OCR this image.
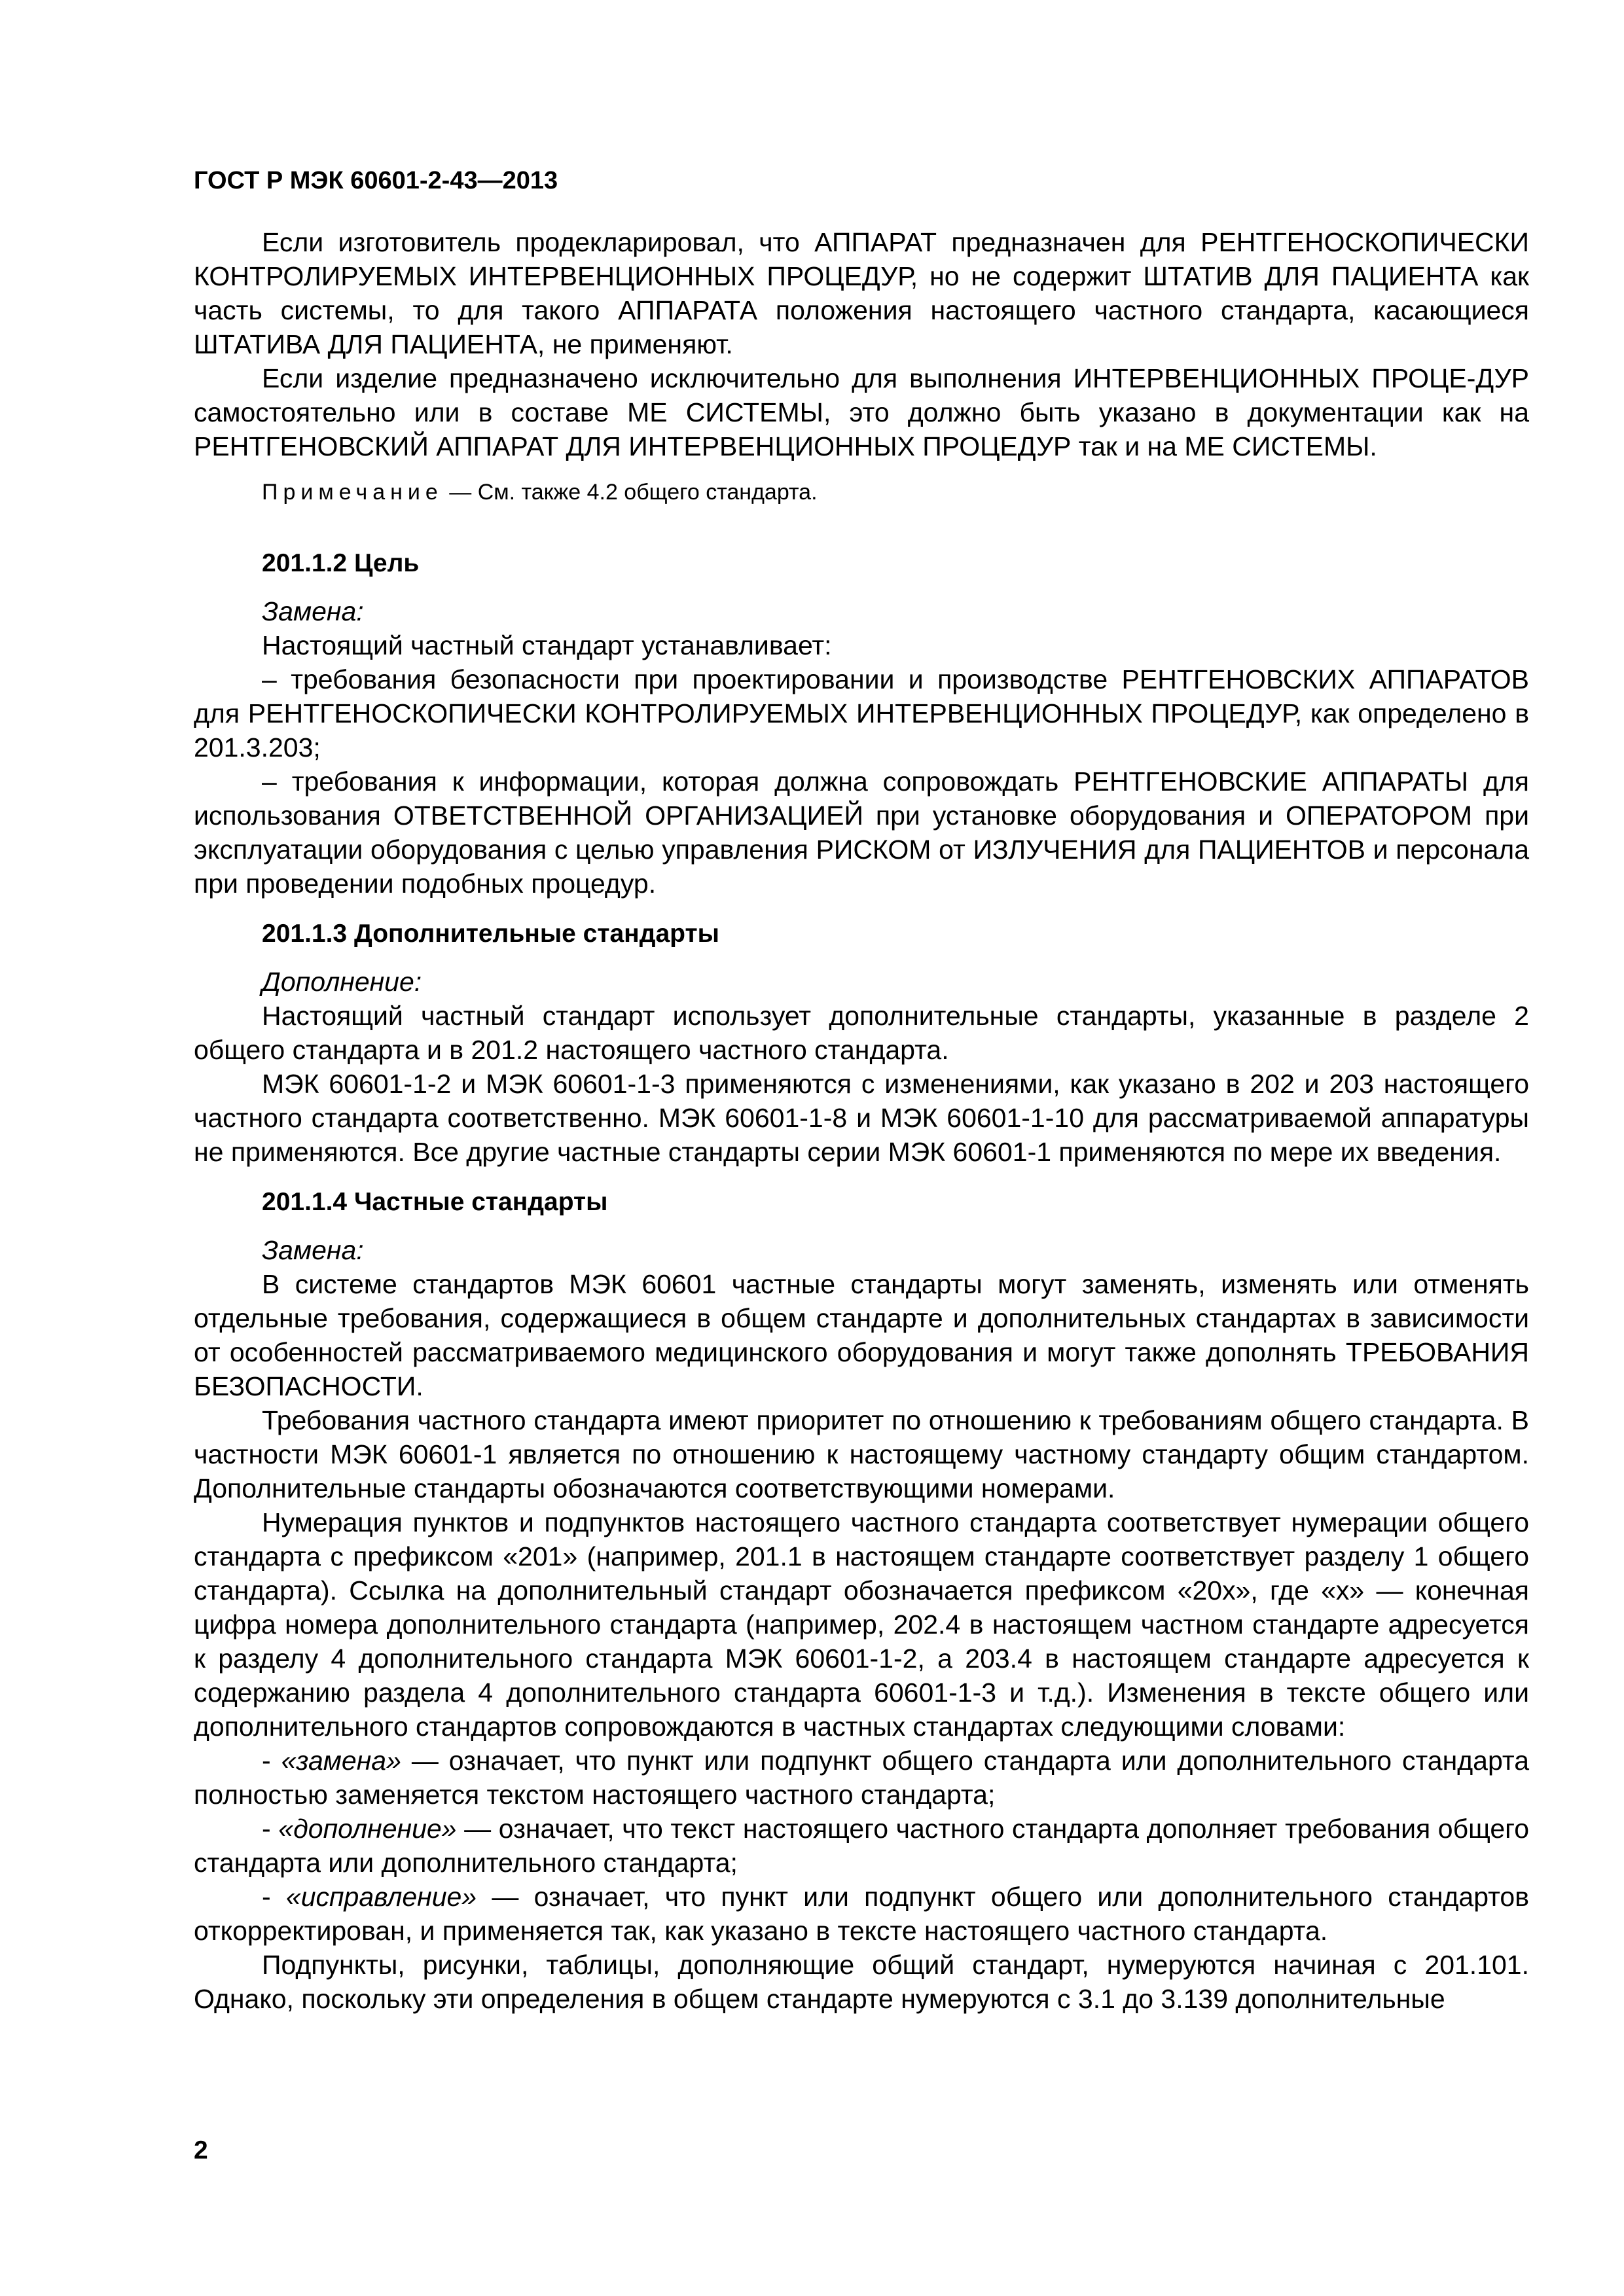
ГОСТ Р МЭК 60601-2-43—2013

Если изготовитель продекларировал, что АППАРАТ предназначен для РЕНТГЕНОСКОПИЧЕСКИ КОНТРОЛИРУЕМЫХ ИНТЕРВЕНЦИОННЫХ ПРОЦЕДУР, но не содержит ШТАТИВ ДЛЯ ПАЦИЕНТА как часть системы, то для такого АППАРАТА положения настоящего частного стандарта, касающиеся ШТАТИВА ДЛЯ ПАЦИЕНТА, не применяют.

Если изделие предназначено исключительно для выполнения ИНТЕРВЕНЦИОННЫХ ПРОЦЕ-ДУР самостоятельно или в составе МЕ СИСТЕМЫ, это должно быть указано в документации как на РЕНТГЕНОВСКИЙ АППАРАТ ДЛЯ ИНТЕРВЕНЦИОННЫХ ПРОЦЕДУР так и на МЕ СИСТЕМЫ.

Примечание — См. также 4.2 общего стандарта.

201.1.2 Цель

Замена:

Настоящий частный стандарт устанавливает:

– требования безопасности при проектировании и производстве РЕНТГЕНОВСКИХ АППАРАТОВ для РЕНТГЕНОСКОПИЧЕСКИ КОНТРОЛИРУЕМЫХ ИНТЕРВЕНЦИОННЫХ ПРОЦЕДУР, как определено в 201.3.203;

– требования к информации, которая должна сопровождать РЕНТГЕНОВСКИЕ АППАРАТЫ для использования ОТВЕТСТВЕННОЙ ОРГАНИЗАЦИЕЙ при установке оборудования и ОПЕРАТОРОМ при эксплуатации оборудования с целью управления РИСКОМ от ИЗЛУЧЕНИЯ для ПАЦИЕНТОВ и персонала при проведении подобных процедур.

201.1.3 Дополнительные стандарты

Дополнение:

Настоящий частный стандарт использует дополнительные стандарты, указанные в разделе 2 общего стандарта и в 201.2 настоящего частного стандарта.

МЭК 60601-1-2 и МЭК 60601-1-3 применяются с изменениями, как указано в 202 и 203 настоящего частного стандарта соответственно. МЭК 60601-1-8 и МЭК 60601-1-10 для рассматриваемой аппаратуры не применяются. Все другие частные стандарты серии МЭК 60601-1 применяются по мере их введения.

201.1.4 Частные стандарты

Замена:

В системе стандартов МЭК 60601 частные стандарты могут заменять, изменять или отменять отдельные требования, содержащиеся в общем стандарте и дополнительных стандартах в зависимости от особенностей рассматриваемого медицинского оборудования и могут также дополнять ТРЕБОВАНИЯ БЕЗОПАСНОСТИ.

Требования частного стандарта имеют приоритет по отношению к требованиям общего стандарта. В частности МЭК 60601-1 является по отношению к настоящему частному стандарту общим стандартом. Дополнительные стандарты обозначаются соответствующими номерами.

Нумерация пунктов и подпунктов настоящего частного стандарта соответствует нумерации общего стандарта с префиксом «201» (например, 201.1 в настоящем стандарте соответствует разделу 1 общего стандарта). Ссылка на дополнительный стандарт обозначается префиксом «20x», где «x» — конечная цифра номера дополнительного стандарта (например, 202.4 в настоящем частном стандарте адресуется к разделу 4 дополнительного стандарта МЭК 60601-1-2, а 203.4 в настоящем стандарте адресуется к содержанию раздела 4 дополнительного стандарта 60601-1-3 и т.д.). Изменения в тексте общего или дополнительного стандартов сопровождаются в частных стандартах следующими словами:

- «замена» — означает, что пункт или подпункт общего стандарта или дополнительного стандарта полностью заменяется текстом настоящего частного стандарта;

- «дополнение» — означает, что текст настоящего частного стандарта дополняет требования общего стандарта или дополнительного стандарта;

- «исправление» — означает, что пункт или подпункт общего или дополнительного стандартов откорректирован, и применяется так, как указано в тексте настоящего частного стандарта.

Подпункты, рисунки, таблицы, дополняющие общий стандарт, нумеруются начиная с 201.101. Однако, поскольку эти определения в общем стандарте нумеруются с 3.1 до 3.139 дополнительные

2
